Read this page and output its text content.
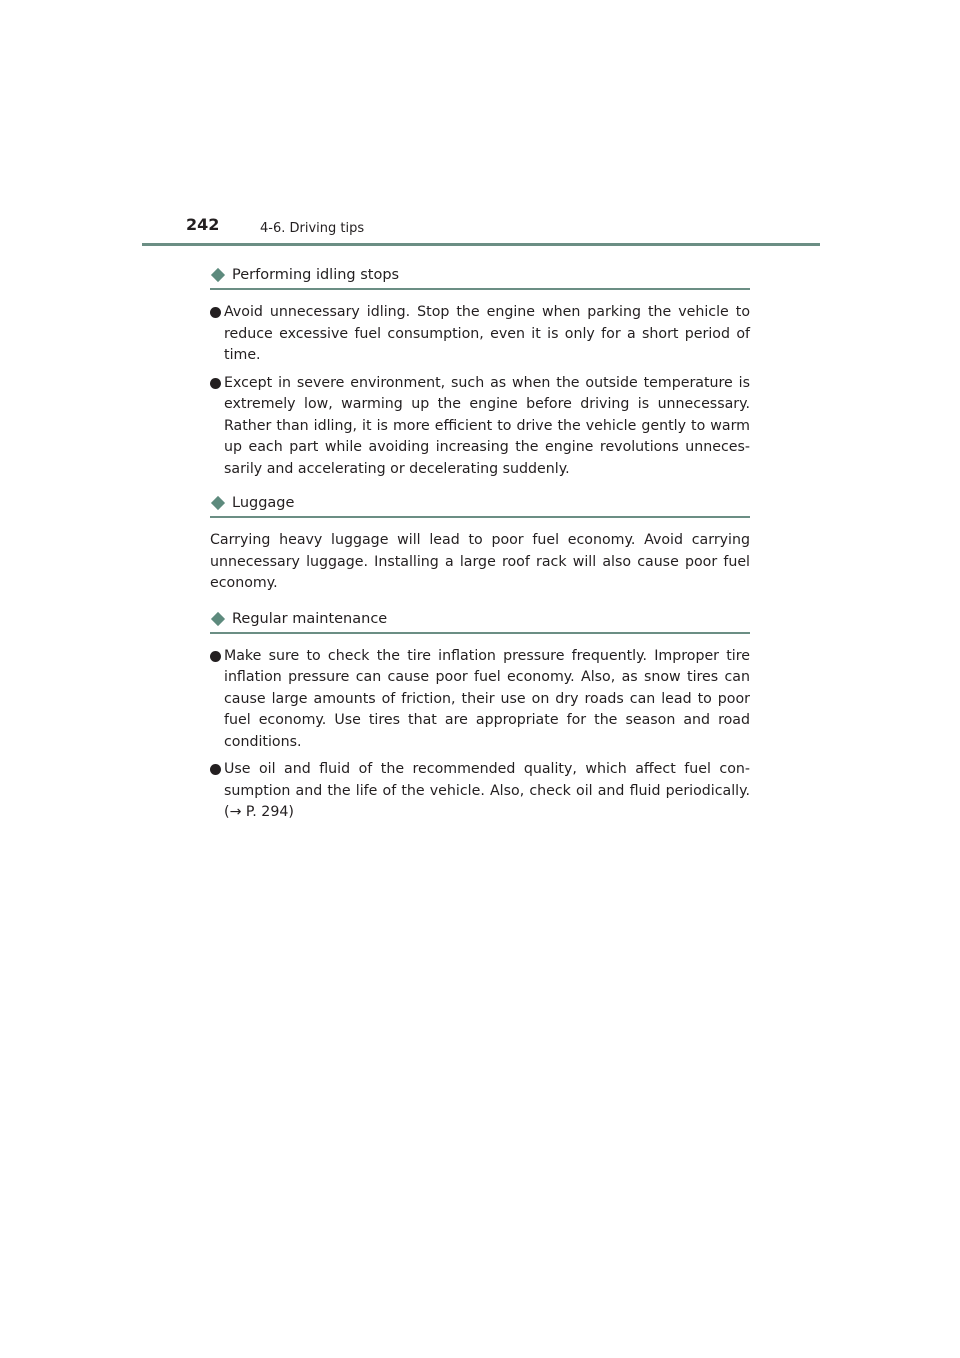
242	4-6. Driving tips
Performing idling stops
Avoid unnecessary idling. Stop the engine when parking the vehicle to reduce excessive fuel consumption, even it is only for a short period of time.
Except in severe environment, such as when the outside temperature is extremely low, warming up the engine before driving is unnecessary. Rather than idling, it is more efficient to drive the vehicle gently to warm up each part while avoiding increasing the engine revolutions unneces-sarily and accelerating or decelerating suddenly.
Luggage

Carrying heavy luggage will lead to poor fuel economy. Avoid carrying unnecessary luggage. Installing a large roof rack will also cause poor fuel economy.

Regular maintenance
Make sure to check the tire inflation pressure frequently. Improper tire inflation pressure can cause poor fuel economy. Also, as snow tires can cause large amounts of friction, their use on dry roads can lead to poor fuel economy. Use tires that are appropriate for the season and road conditions.
Use oil and fluid of the recommended quality, which affect fuel con-sumption and the life of the vehicle. Also, check oil and fluid periodically. (→ P. 294)
